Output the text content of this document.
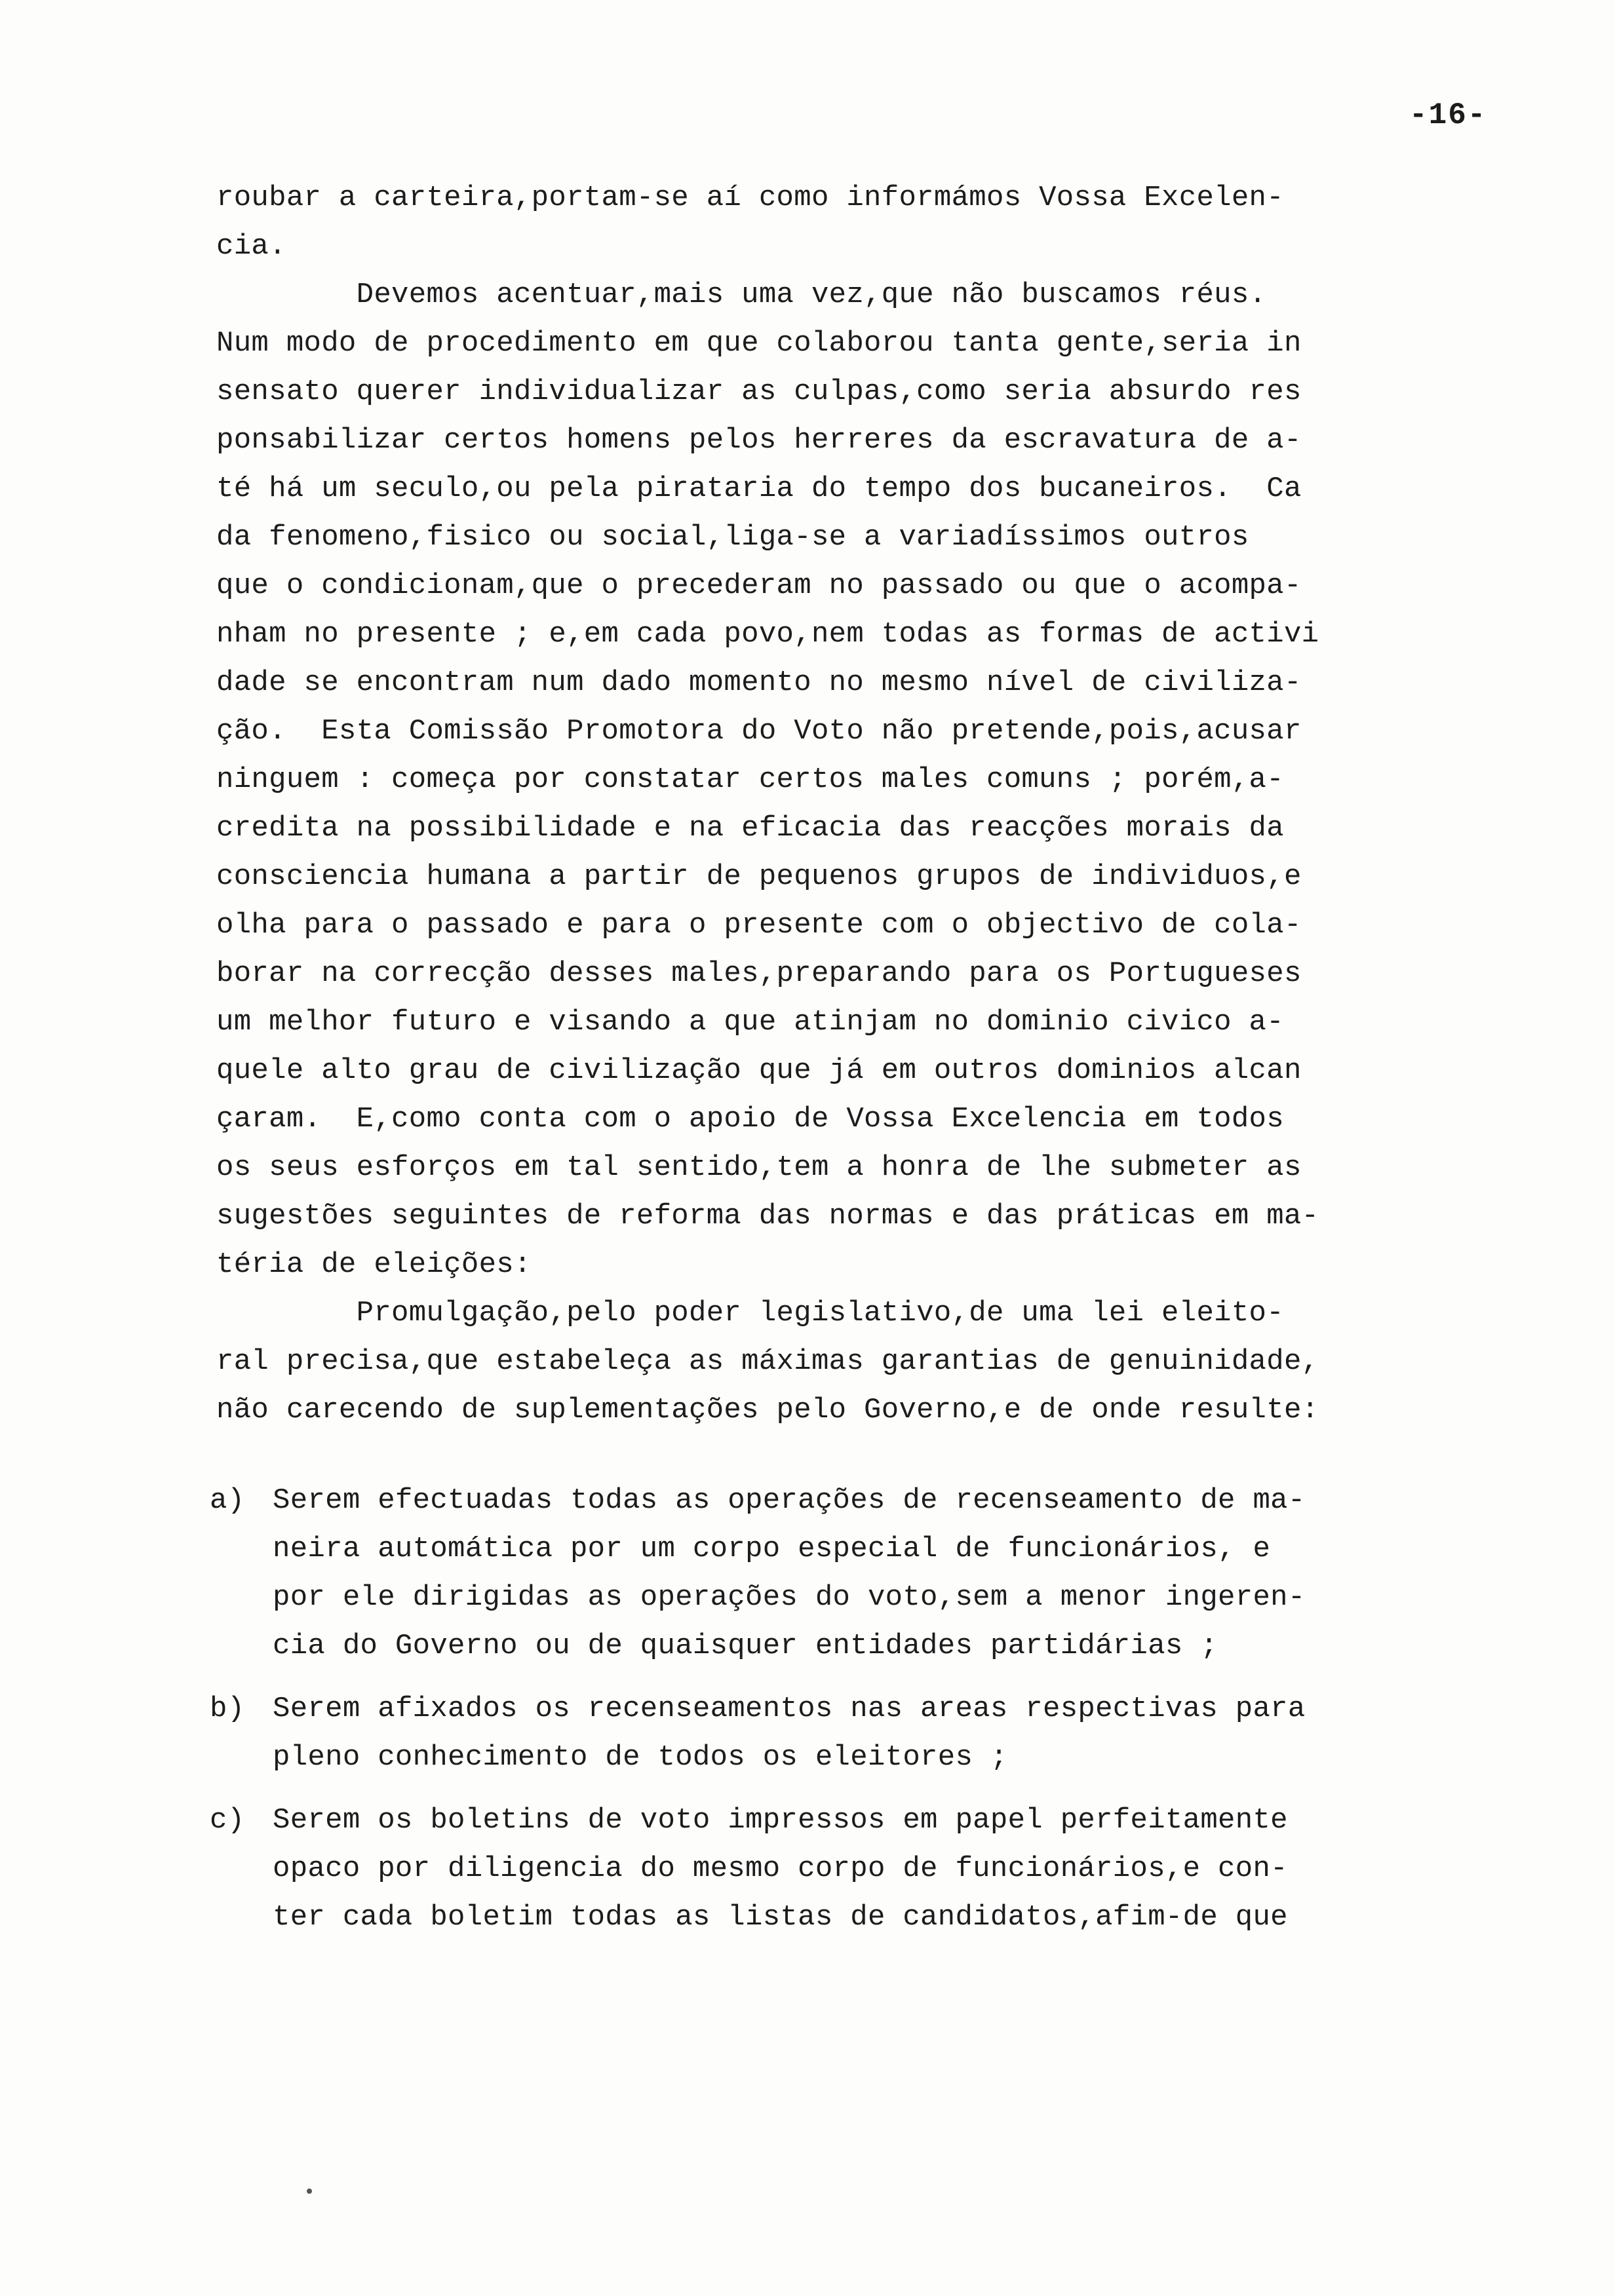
-16-
roubar a carteira,portam-se aí como informámos Vossa Excelen-
cia.
Devemos acentuar,mais uma vez,que não buscamos réus.
Num modo de procedimento em que colaborou tanta gente,seria in
sensato querer individualizar as culpas,como seria absurdo res
ponsabilizar certos homens pelos herreres da escravatura de a-
té há um seculo,ou pela pirataria do tempo dos bucaneiros.  Ca
da fenomeno,fisico ou social,liga-se a variadíssimos outros
que o condicionam,que o precederam no passado ou que o acompa-
nham no presente ; e,em cada povo,nem todas as formas de activi
dade se encontram num dado momento no mesmo nível de civiliza-
ção.  Esta Comissão Promotora do Voto não pretende,pois,acusar
ninguem : começa por constatar certos males comuns ; porém,a-
credita na possibilidade e na eficacia das reacções morais da
consciencia humana a partir de pequenos grupos de individuos,e
olha para o passado e para o presente com o objectivo de cola-
borar na correcção desses males,preparando para os Portugueses
um melhor futuro e visando a que atinjam no dominio civico a-
quele alto grau de civilização que já em outros dominios alcan
çaram.  E,como conta com o apoio de Vossa Excelencia em todos
os seus esforços em tal sentido,tem a honra de lhe submeter as
sugestões seguintes de reforma das normas e das práticas em ma-
téria de eleições:
Promulgação,pelo poder legislativo,de uma lei eleito-
ral precisa,que estabeleça as máximas garantias de genuinidade,
não carecendo de suplementações pelo Governo,e de onde resulte:
a) Serem efectuadas todas as operações de recenseamento de ma-
neira automática por um corpo especial de funcionários, e
por ele dirigidas as operações do voto,sem a menor ingeren-
cia do Governo ou de quaisquer entidades partidárias ;
b) Serem afixados os recenseamentos nas areas respectivas para
pleno conhecimento de todos os eleitores ;
c) Serem os boletins de voto impressos em papel perfeitamente
opaco por diligencia do mesmo corpo de funcionários,e con-
ter cada boletim todas as listas de candidatos,afim-de que
